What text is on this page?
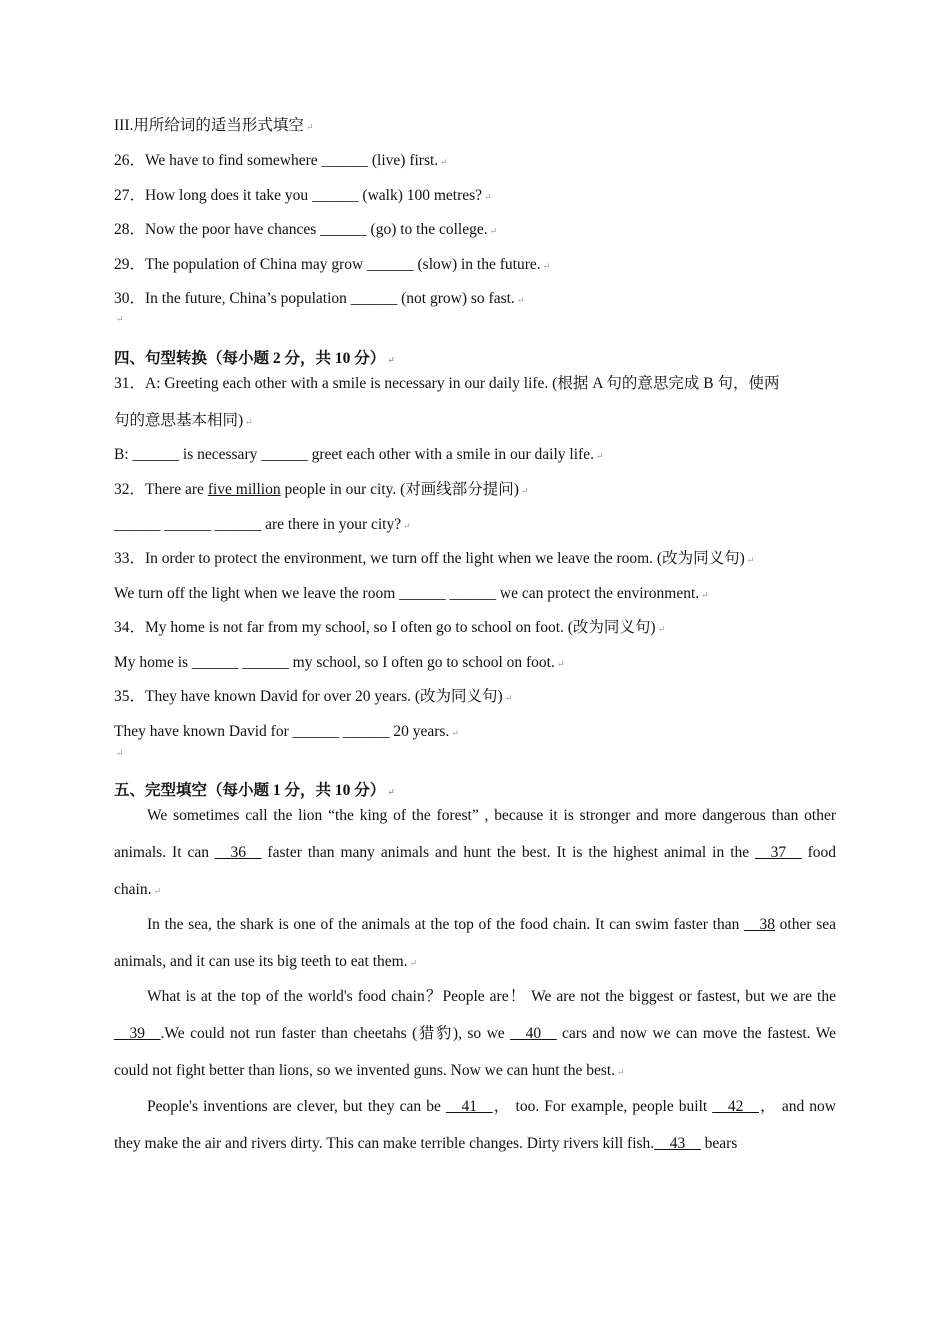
III.用所给词的适当形式填空 ↵
26．We have to find somewhere ______ (live) first. ↵
27．How long does it take you ______ (walk) 100 metres? ↵
28．Now the poor have chances ______ (go) to the college. ↵
29．The population of China may grow ______ (slow) in the future. ↵
30．In the future, China’s population ______ (not grow) so fast. ↵
↵
四、句型转换（每小题 2 分，共 10 分） ↵
31．A: Greeting each other with a smile is necessary in our daily life. (根据 A 句的意思完成 B 句，使两
句的意思基本相同) ↵
B: ______ is necessary ______ greet each other with a smile in our daily life. ↵
32．There are five million people in our city. (对画线部分提问) ↵
______ ______ ______ are there in your city? ↵
33．In order to protect the environment, we turn off the light when we leave the room. (改为同义句) ↵
We turn off the light when we leave the room ______ ______ we can protect the environment. ↵
34．My home is not far from my school, so I often go to school on foot. (改为同义句) ↵
My home is ______ ______ my school, so I often go to school on foot. ↵
35．They have known David for over 20 years. (改为同义句) ↵
They have known David for ______ ______ 20 years. ↵
↵
五、完型填空（每小题 1 分，共 10 分） ↵
We sometimes call the lion “the king of the forest” , because it is stronger and more dangerous than other animals. It can __36__ faster than many animals and hunt the best. It is the highest animal in the __37__ food chain. ↵
In the sea, the shark is one of the animals at the top of the food chain. It can swim faster than __38 other sea animals, and it can use its big teeth to eat them. ↵
What is at the top of the world's food chain？People are！ We are not the biggest or fastest, but we are the __39__.We could not run faster than cheetahs (猎豹), so we __40__ cars and now we can move the fastest. We could not fight better than lions, so we invented guns. Now we can hunt the best. ↵
People's inventions are clever, but they can be __41__， too. For example, people built __42__， and now they make the air and rivers dirty. This can make terrible changes. Dirty rivers kill fish.__43__ bears
